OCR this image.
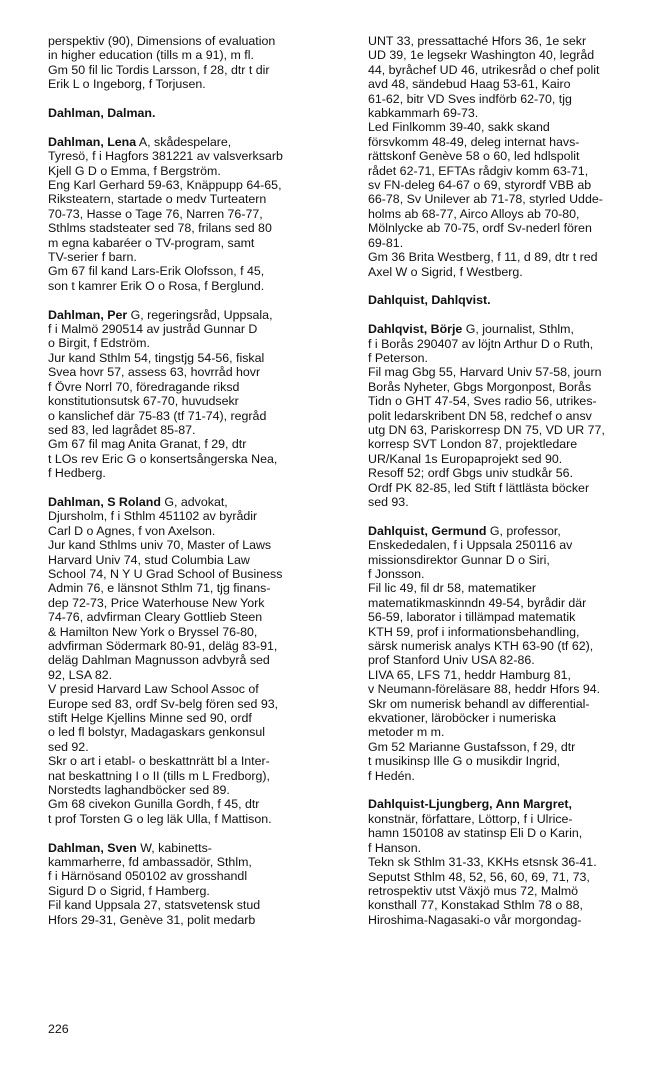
perspektiv (90), Dimensions of evaluation
in higher education (tills m a 91), m fl.
Gm 50 fil lic Tordis Larsson, f 28, dtr t dir
Erik L o Ingeborg, f Torjusen.
Dahlman, Dalman.
Dahlman, Lena A, skådespelare,
Tyresö, f i Hagfors 381221 av valsverksarb
Kjell G D o Emma, f Bergström.
Eng Karl Gerhard 59-63, Knäppupp 64-65,
Riksteatern, startade o medv Turteatern
70-73, Hasse o Tage 76, Narren 76-77,
Sthlms stadsteater sed 78, frilans sed 80
m egna kabaréer o TV-program, samt
TV-serier f barn.
Gm 67 fil kand Lars-Erik Olofsson, f 45,
son t kamrer Erik O o Rosa, f Berglund.
Dahlman, Per G, regeringsråd, Uppsala,
f i Malmö 290514 av justråd Gunnar D
o Birgit, f Edström.
Jur kand Sthlm 54, tingstjg 54-56, fiskal
Svea hovr 57, assess 63, hovrråd hovr
f Övre Norrl 70, föredragande riksd
konstitutionsutsk 67-70, huvudsekr
o kanslichef där 75-83 (tf 71-74), regråd
sed 83, led lagrådet 85-87.
Gm 67 fil mag Anita Granat, f 29, dtr
t LOs rev Eric G o konsertsångerska Nea,
f Hedberg.
Dahlman, S Roland G, advokat,
Djursholm, f i Sthlm 451102 av byrådir
Carl D o Agnes, f von Axelson.
Jur kand Sthlms univ 70, Master of Laws
Harvard Univ 74, stud Columbia Law
School 74, N Y U Grad School of Business
Admin 76, e länsnot Sthlm 71, tjg finans-
dep 72-73, Price Waterhouse New York
74-76, advfirman Cleary Gottlieb Steen
& Hamilton New York o Bryssel 76-80,
advfirman Södermark 80-91, deläg 83-91,
deläg Dahlman Magnusson advbyrå sed
92, LSA 82.
V presid Harvard Law School Assoc of
Europe sed 83, ordf Sv-belg fören sed 93,
stift Helge Kjellins Minne sed 90, ordf
o led fl bolstyr, Madagaskars genkonsul
sed 92.
Skr o art i etabl- o beskattnrätt bl a Inter-
nat beskattning I o II (tills m L Fredborg),
Norstedts laghandböcker sed 89.
Gm 68 civekon Gunilla Gordh, f 45, dtr
t prof Torsten G o leg läk Ulla, f Mattison.
Dahlman, Sven W, kabinetts-
kammarherre, fd ambassadör, Sthlm,
f i Härnösand 050102 av grosshandl
Sigurd D o Sigrid, f Hamberg.
Fil kand Uppsala 27, statsvetensk stud
Hfors 29-31, Genève 31, polit medarb
UNT 33, pressattaché Hfors 36, 1e sekr
UD 39, 1e legsekr Washington 40, legråd
44, byråchef UD 46, utrikesråd o chef polit
avd 48, sändebud Haag 53-61, Kairo
61-62, bitr VD Sves indförb 62-70, tjg
kabkammarh 69-73.
Led Finlkomm 39-40, sakk skand
försvkomm 48-49, deleg internat havs-
rättskonf Genève 58 o 60, led hdlspolit
rådet 62-71, EFTAs rådgiv komm 63-71,
sv FN-deleg 64-67 o 69, styrordf VBB ab
66-78, Sv Unilever ab 71-78, styrled Udde-
holms ab 68-77, Airco Alloys ab 70-80,
Mölnlycke ab 70-75, ordf Sv-nederl fören
69-81.
Gm 36 Brita Westberg, f 11, d 89, dtr t red
Axel W o Sigrid, f Westberg.
Dahlquist, Dahlqvist.
Dahlqvist, Börje G, journalist, Sthlm,
f i Borås 290407 av löjtn Arthur D o Ruth,
f Peterson.
Fil mag Gbg 55, Harvard Univ 57-58, journ
Borås Nyheter, Gbgs Morgonpost, Borås
Tidn o GHT 47-54, Sves radio 56, utrikes-
polit ledarskribent DN 58, redchef o ansv
utg DN 63, Pariskorresp DN 75, VD UR 77,
korresp SVT London 87, projektledare
UR/Kanal 1s Europaprojekt sed 90.
Resoff 52; ordf Gbgs univ studkår 56.
Ordf PK 82-85, led Stift f lättlästa böcker
sed 93.
Dahlquist, Germund G, professor,
Enskededalen, f i Uppsala 250116 av
missionsdirektor Gunnar D o Siri,
f Jonsson.
Fil lic 49, fil dr 58, matematiker
matematikmaskinndn 49-54, byrådir där
56-59, laborator i tillämpad matematik
KTH 59, prof i informationsbehandling,
särsk numerisk analys KTH 63-90 (tf 62),
prof Stanford Univ USA 82-86.
LIVA 65, LFS 71, heddr Hamburg 81,
v Neumann-föreläsare 88, heddr Hfors 94.
Skr om numerisk behandl av differential-
ekvationer, läroböcker i numeriska
metoder m m.
Gm 52 Marianne Gustafsson, f 29, dtr
t musikinsp Ille G o musikdir Ingrid,
f Hedén.
Dahlquist-Ljungberg, Ann Margret,
konstnär, författare, Löttorp, f i Ulrice-
hamn 150108 av statinsp Eli D o Karin,
f Hanson.
Tekn sk Sthlm 31-33, KKHs etsnsk 36-41.
Seputst Sthlm 48, 52, 56, 60, 69, 71, 73,
retrospektiv utst Växjö mus 72, Malmö
konsthall 77, Konstakad Sthlm 78 o 88,
Hiroshima-Nagasaki-o vår morgondag-
226
